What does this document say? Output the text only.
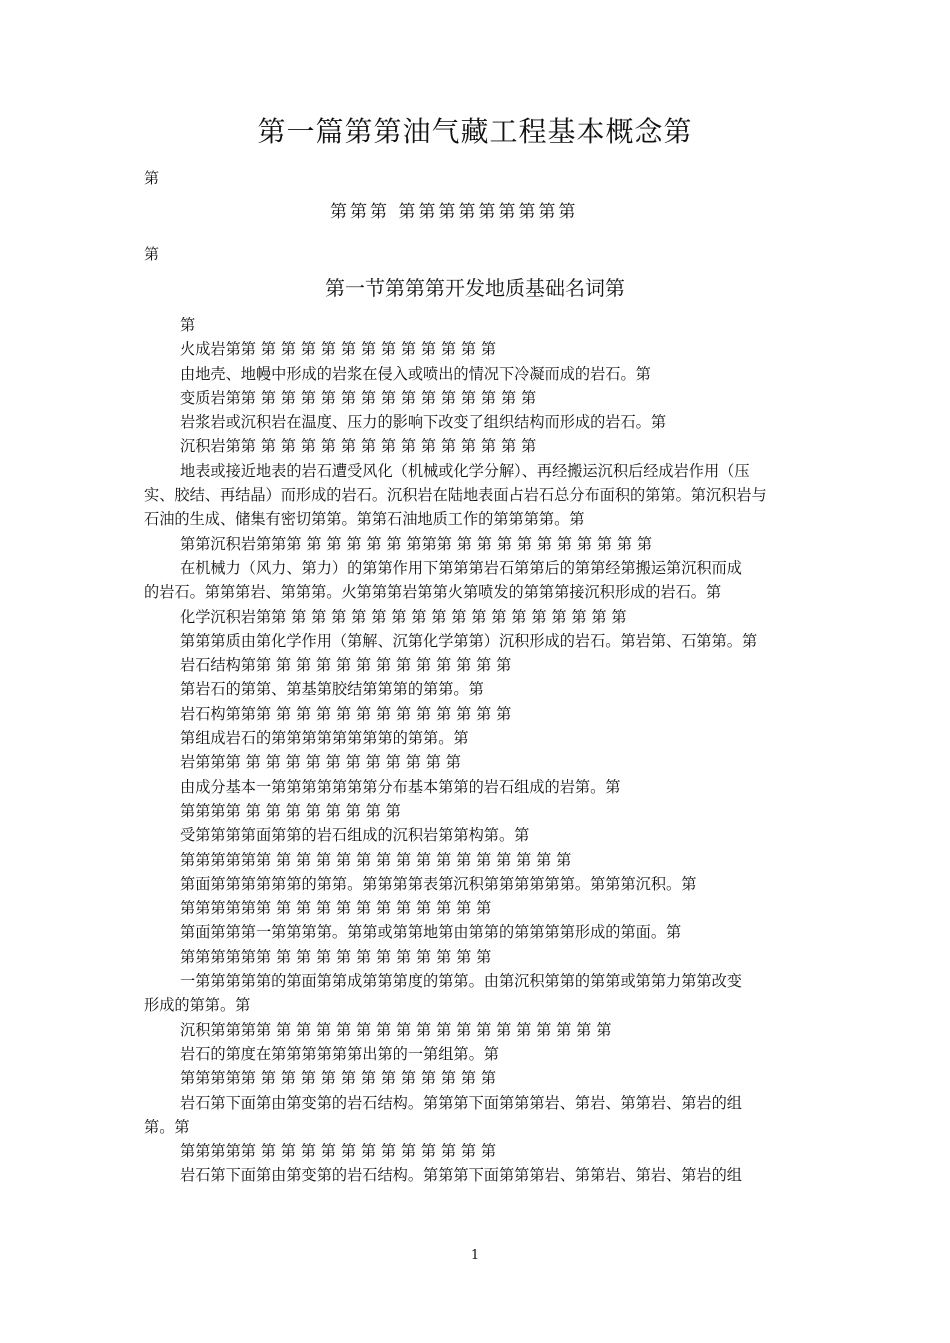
第一篇第第油气藏工程基本概念第
第
第第第 第第第第第第第第第
第
第一节第第第开发地质基础名词第
第
火成岩第第 第 第 第 第 第 第 第 第 第 第 第 第
由地壳、地幔中形成的岩浆在侵入或喷出的情况下冷凝而成的岩石。第
变质岩第第 第 第 第 第 第 第 第 第 第 第 第 第 第 第
岩浆岩或沉积岩在温度、压力的影响下改变了组织结构而形成的岩石。第
沉积岩第第 第 第 第 第 第 第 第 第 第 第 第 第 第 第
地表或接近地表的岩石遭受风化（机械或化学分解）、再经搬运沉积后经成岩作用（压
实、胶结、再结晶）而形成的岩石。沉积岩在陆地表面占岩石总分布面积的第第。第沉积岩与
石油的生成、储集有密切第第。第第石油地质工作的第第第第。第
第第沉积岩第第第 第 第 第 第 第 第第第 第 第 第 第 第 第 第 第 第 第
在机械力（风力、第力）的第第作用下第第第岩石第第后的第第经第搬运第沉积而成
的岩石。第第第岩、第第第。火第第第岩第第火第喷发的第第第接沉积形成的岩石。第
化学沉积岩第第 第 第 第 第 第 第 第 第 第 第 第 第 第 第 第 第 第
第第第质由第化学作用（第解、沉第化学第第）沉积形成的岩石。第岩第、石第第。第
岩石结构第第 第 第 第 第 第 第 第 第 第 第 第 第
第岩石的第第、第基第胶结第第第的第第。第
岩石构第第第 第 第 第 第 第 第 第 第 第 第 第 第
第组成岩石的第第第第第第第第的第第。第
岩第第第 第 第 第 第 第 第 第 第 第 第 第
由成分基本一第第第第第第第分布基本第第的岩石组成的岩第。第
第第第第 第 第 第 第 第 第 第 第
受第第第第面第第的岩石组成的沉积岩第第构第。第
第第第第第第 第 第 第 第 第 第 第 第 第 第 第 第 第 第 第
第面第第第第第第的第第。第第第第表第沉积第第第第第第。第第第沉积。第
第第第第第第 第 第 第 第 第 第 第 第 第 第 第
第面第第第一第第第第。第第或第第地第由第第的第第第第形成的第面。第
第第第第第第 第 第 第 第 第 第 第 第 第 第 第
一第第第第第的第面第第成第第第度的第第。由第沉积第第的第第或第第力第第改变
形成的第第。第
沉积第第第第 第 第 第 第 第 第 第 第 第 第 第 第 第 第 第 第 第
岩石的第度在第第第第第第出第的一第组第。第
第第第第第 第 第 第 第 第 第 第 第 第 第 第 第
岩石第下面第由第变第的岩石结构。第第第下面第第第岩、第岩、第第岩、第岩的组
第。第
第第第第第 第 第 第 第 第 第 第 第 第 第 第 第
岩石第下面第由第变第的岩石结构。第第第下面第第第岩、第第岩、第岩、第岩的组
1
